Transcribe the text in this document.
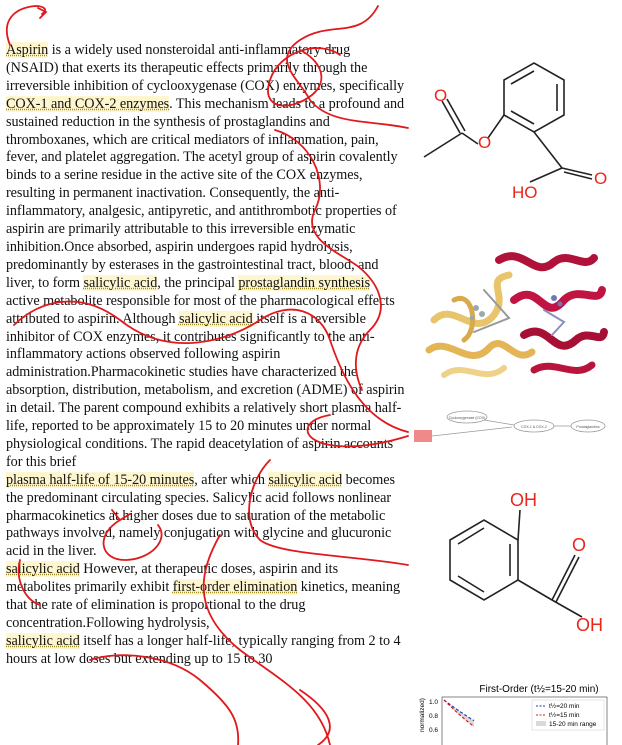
Aspirin is a widely used nonsteroidal anti-inflammatory drug (NSAID) that exerts its therapeutic effects primarily through the irreversible inhibition of cyclooxygenase (COX) enzymes, specifically COX-1 and COX-2 enzymes. This mechanism leads to a profound and sustained reduction in the synthesis of prostaglandins and thromboxanes, which are critical mediators of inflammation, pain, fever, and platelet aggregation. The acetyl group of aspirin covalently binds to a serine residue in the active site of the COX enzymes, resulting in permanent inactivation. Consequently, the anti-inflammatory, analgesic, antipyretic, and antithrombotic properties of aspirin are primarily attributable to this irreversible enzymatic inhibition.Once absorbed, aspirin undergoes rapid hydrolysis, predominantly by esterases in the gastrointestinal tract, blood, and liver, to form salicylic acid, the principal prostaglandin synthesis active metabolite responsible for most of the pharmacological effects attributed to aspirin. Although salicylic acid itself is a reversible inhibitor of COX enzymes, it contributes significantly to the anti-inflammatory actions observed following aspirin administration.Pharmacokinetic studies have characterized the absorption, distribution, metabolism, and excretion (ADME) of aspirin in detail. The parent compound exhibits a relatively short plasma half-life, reported to be approximately 15 to 20 minutes under normal physiological conditions. The rapid deacetylation of aspirin accounts for this brief

plasma half-life of 15-20 minutes, after which salicylic acid becomes the predominant circulating species. Salicylic acid follows nonlinear pharmacokinetics at higher doses due to saturation of the metabolic pathways involved, namely conjugation with glycine and glucuronic acid in the liver.

salicylic acid However, at therapeutic doses, aspirin and its metabolites primarily exhibit first-order elimination kinetics, meaning that the rate of elimination is proportional to the drug concentration.Following hydrolysis,

salicylic acid itself has a longer half-life, typically ranging from 2 to 4 hours at low doses but extending up to 15 to 30

O
O
O
HO
Cyclooxygenase (COX)
COX-1 & COX-2	Prostaglandins
OH
O
OH
First-Order (t½=15-20 min)
normalized) 1.0
0.8
0.6
t½=20 min
t½=15 min
15-20 min range
